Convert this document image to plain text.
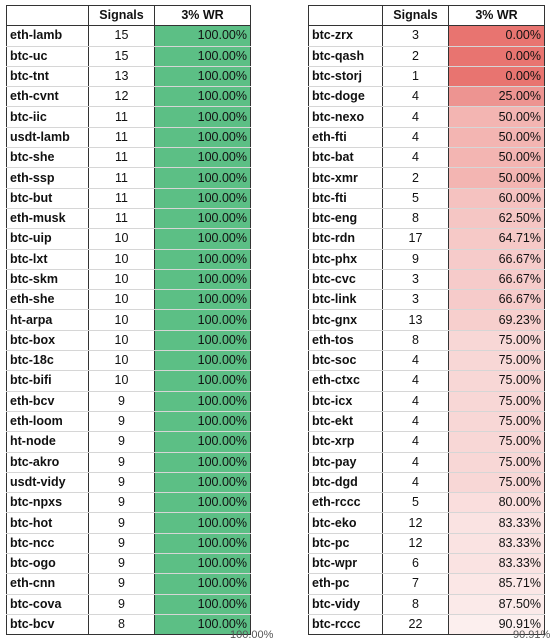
	Signals	3% WR
eth-lamb	15	100.00%
btc-uc	15	100.00%
btc-tnt	13	100.00%
eth-cvnt	12	100.00%
btc-iic	11	100.00%
usdt-lamb	11	100.00%
btc-she	11	100.00%
eth-ssp	11	100.00%
btc-but	11	100.00%
eth-musk	11	100.00%
btc-uip	10	100.00%
btc-lxt	10	100.00%
btc-skm	10	100.00%
eth-she	10	100.00%
ht-arpa	10	100.00%
btc-box	10	100.00%
btc-18c	10	100.00%
btc-bifi	10	100.00%
eth-bcv	9	100.00%
eth-loom	9	100.00%
ht-node	9	100.00%
btc-akro	9	100.00%
usdt-vidy	9	100.00%
btc-npxs	9	100.00%
btc-hot	9	100.00%
btc-ncc	9	100.00%
btc-ogo	9	100.00%
eth-cnn	9	100.00%
btc-cova	9	100.00%
btc-bcv	8	100.00%
	Signals	3% WR
btc-zrx	3	0.00%
btc-qash	2	0.00%
btc-storj	1	0.00%
btc-doge	4	25.00%
btc-nexo	4	50.00%
eth-fti	4	50.00%
btc-bat	4	50.00%
btc-xmr	2	50.00%
btc-fti	5	60.00%
btc-eng	8	62.50%
btc-rdn	17	64.71%
btc-phx	9	66.67%
btc-cvc	3	66.67%
btc-link	3	66.67%
btc-gnx	13	69.23%
eth-tos	8	75.00%
btc-soc	4	75.00%
eth-ctxc	4	75.00%
btc-icx	4	75.00%
btc-ekt	4	75.00%
btc-xrp	4	75.00%
btc-pay	4	75.00%
btc-dgd	4	75.00%
eth-rccc	5	80.00%
btc-eko	12	83.33%
btc-pc	12	83.33%
btc-wpr	6	83.33%
eth-pc	7	85.71%
btc-vidy	8	87.50%
btc-rccc	22	90.91%
100.00%	90.91%
